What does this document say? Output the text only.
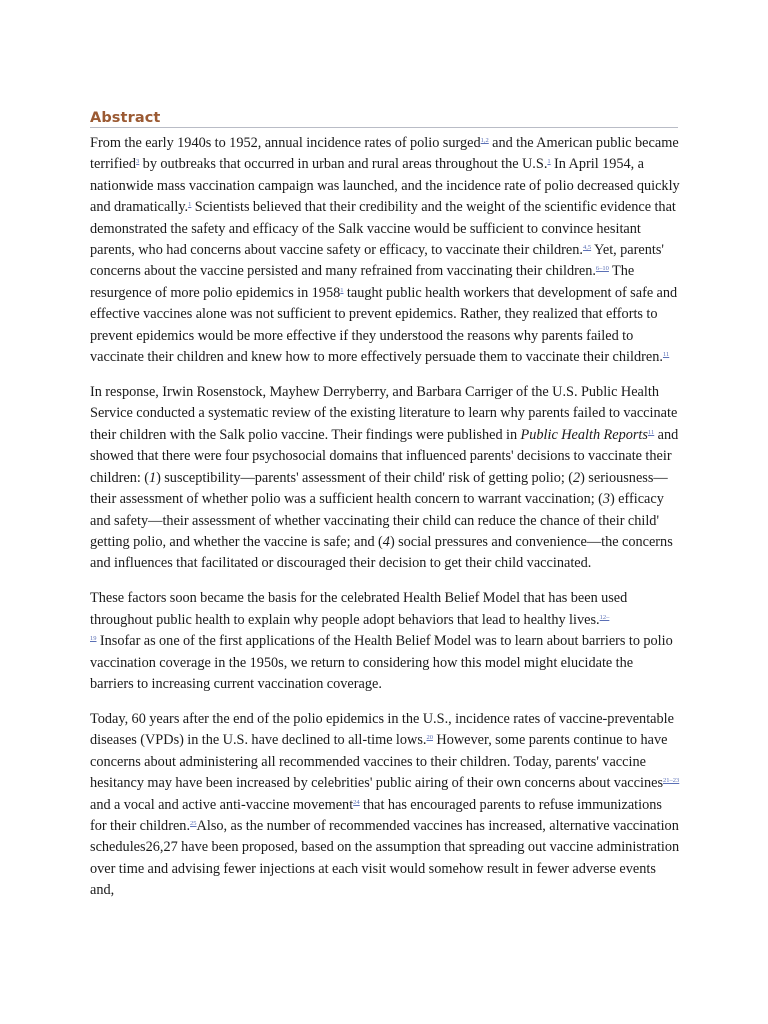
Abstract

From the early 1940s to 1952, annual incidence rates of polio surged$^{1,2}$ and the American public became terrified$^3$ by outbreaks that occurred in urban and rural areas throughout the U.S.$^1$ In April 1954, a nationwide mass vaccination campaign was launched, and the incidence rate of polio decreased quickly and dramatically.$^1$ Scientists believed that their credibility and the weight of the scientific evidence that demonstrated the safety and efficacy of the Salk vaccine would be sufficient to convince hesitant parents, who had concerns about vaccine safety or efficacy, to vaccinate their children.$^{4,5}$ Yet, parents' concerns about the vaccine persisted and many refrained from vaccinating their children.$^{6-10}$ The resurgence of more polio epidemics in 1958$^1$ taught public health workers that development of safe and effective vaccines alone was not sufficient to prevent epidemics. Rather, they realized that efforts to prevent epidemics would be more effective if they understood the reasons why parents failed to vaccinate their children and knew how to more effectively persuade them to vaccinate their children.$^{11}$

In response, Irwin Rosenstock, Mayhew Derryberry, and Barbara Carriger of the U.S. Public Health Service conducted a systematic review of the existing literature to learn why parents failed to vaccinate their children with the Salk polio vaccine. Their findings were published in Public Health Reports$^{11}$ and showed that there were four psychosocial domains that influenced parents' decisions to vaccinate their children: (1) susceptibility—parents' assessment of their child' risk of getting polio; (2) seriousness—their assessment of whether polio was a sufficient health concern to warrant vaccination; (3) efficacy and safety—their assessment of whether vaccinating their child can reduce the chance of their child' getting polio, and whether the vaccine is safe; and (4) social pressures and convenience—the concerns and influences that facilitated or discouraged their decision to get their child vaccinated.

These factors soon became the basis for the celebrated Health Belief Model that has been used throughout public health to explain why people adopt behaviors that lead to healthy lives.$^{12-}$
$^{19}$ Insofar as one of the first applications of the Health Belief Model was to learn about barriers to polio vaccination coverage in the 1950s, we return to considering how this model might elucidate the barriers to increasing current vaccination coverage.

Today, 60 years after the end of the polio epidemics in the U.S., incidence rates of vaccine-preventable diseases (VPDs) in the U.S. have declined to all-time lows.$^{20}$ However, some parents continue to have concerns about administering all recommended vaccines to their children. Today, parents' vaccine hesitancy may have been increased by celebrities' public airing of their own concerns about vaccines$^{21-23}$ and a vocal and active anti-vaccine movement$^{24}$ that has encouraged parents to refuse immunizations for their children.$^{25}$Also, as the number of recommended vaccines has increased, alternative vaccination schedules26,27 have been proposed, based on the assumption that spreading out vaccine administration over time and advising fewer injections at each visit would somehow result in fewer adverse events and,
